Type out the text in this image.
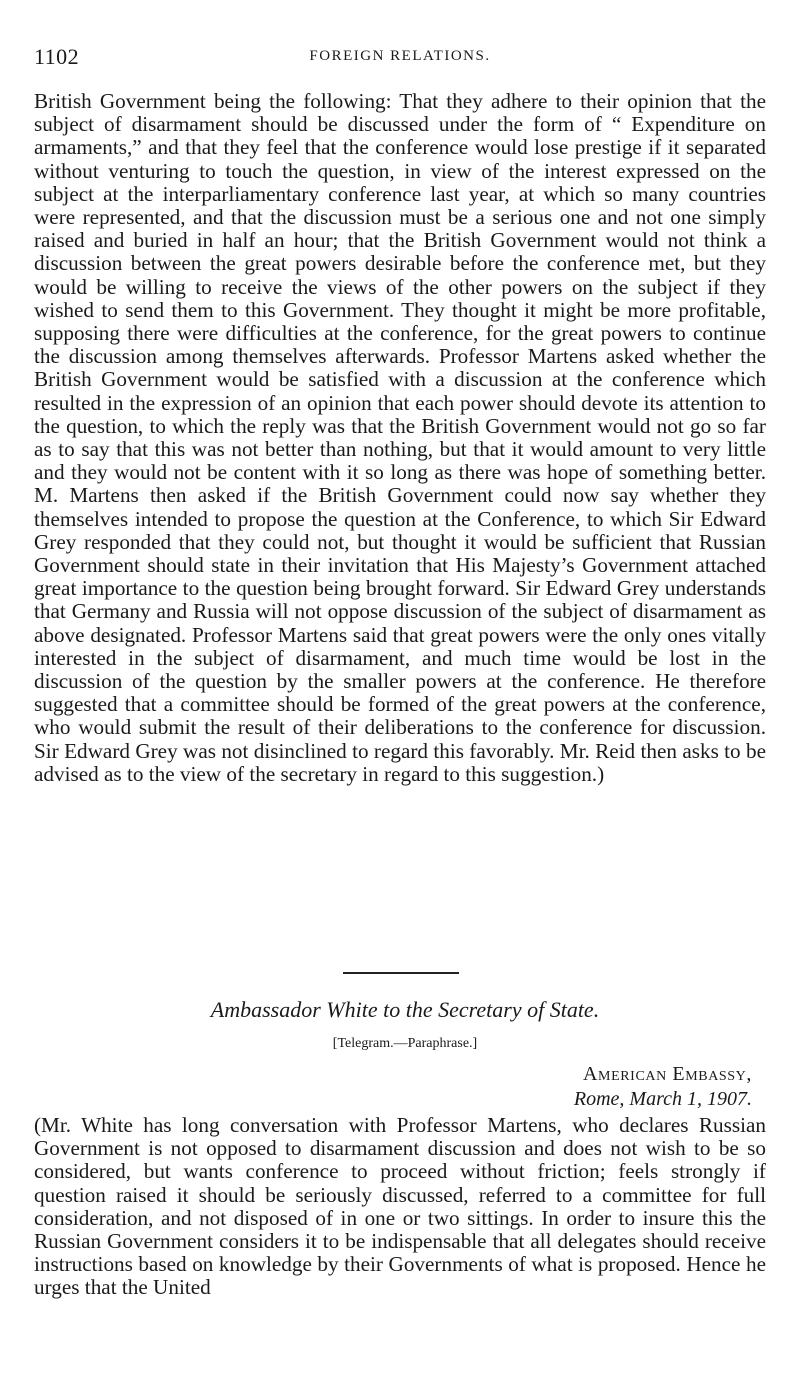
1102	FOREIGN RELATIONS.

British Government being the following: That they adhere to their opinion that the subject of disarmament should be discussed under the form of “ Expenditure on armaments,” and that they feel that the conference would lose prestige if it separated without venturing to touch the question, in view of the interest expressed on the subject at the interparliamentary conference last year, at which so many countries were represented, and that the discussion must be a serious one and not one simply raised and buried in half an hour; that the British Government would not think a discussion between the great powers desirable before the conference met, but they would be willing to receive the views of the other powers on the subject if they wished to send them to this Government. They thought it might be more profitable, supposing there were difficulties at the conference, for the great powers to continue the discussion among themselves afterwards. Professor Martens asked whether the British Government would be satisfied with a discussion at the conference which resulted in the expression of an opinion that each power should devote its attention to the question, to which the reply was that the British Government would not go so far as to say that this was not better than nothing, but that it would amount to very little and they would not be content with it so long as there was hope of something better. M. Martens then asked if the British Government could now say whether they themselves intended to propose the question at the Conference, to which Sir Edward Grey responded that they could not, but thought it would be sufficient that Russian Government should state in their invitation that His Majesty’s Government attached great importance to the question being brought forward. Sir Edward Grey understands that Germany and Russia will not oppose discussion of the subject of disarmament as above designated. Professor Martens said that great powers were the only ones vitally interested in the subject of disarmament, and much time would be lost in the discussion of the question by the smaller powers at the conference. He therefore suggested that a committee should be formed of the great powers at the conference, who would submit the result of their deliberations to the conference for discussion. Sir Edward Grey was not disinclined to regard this favorably. Mr. Reid then asks to be advised as to the view of the secretary in regard to this suggestion.)

Ambassador White to the Secretary of State.
[Telegram.—Paraphrase.]
American Embassy,
Rome, March 1, 1907.

(Mr. White has long conversation with Professor Martens, who declares Russian Government is not opposed to disarmament discussion and does not wish to be so considered, but wants conference to proceed without friction; feels strongly if question raised it should be seriously discussed, referred to a committee for full consideration, and not disposed of in one or two sittings. In order to insure this the Russian Government considers it to be indispensable that all delegates should receive instructions based on knowledge by their Governments of what is proposed. Hence he urges that the United
